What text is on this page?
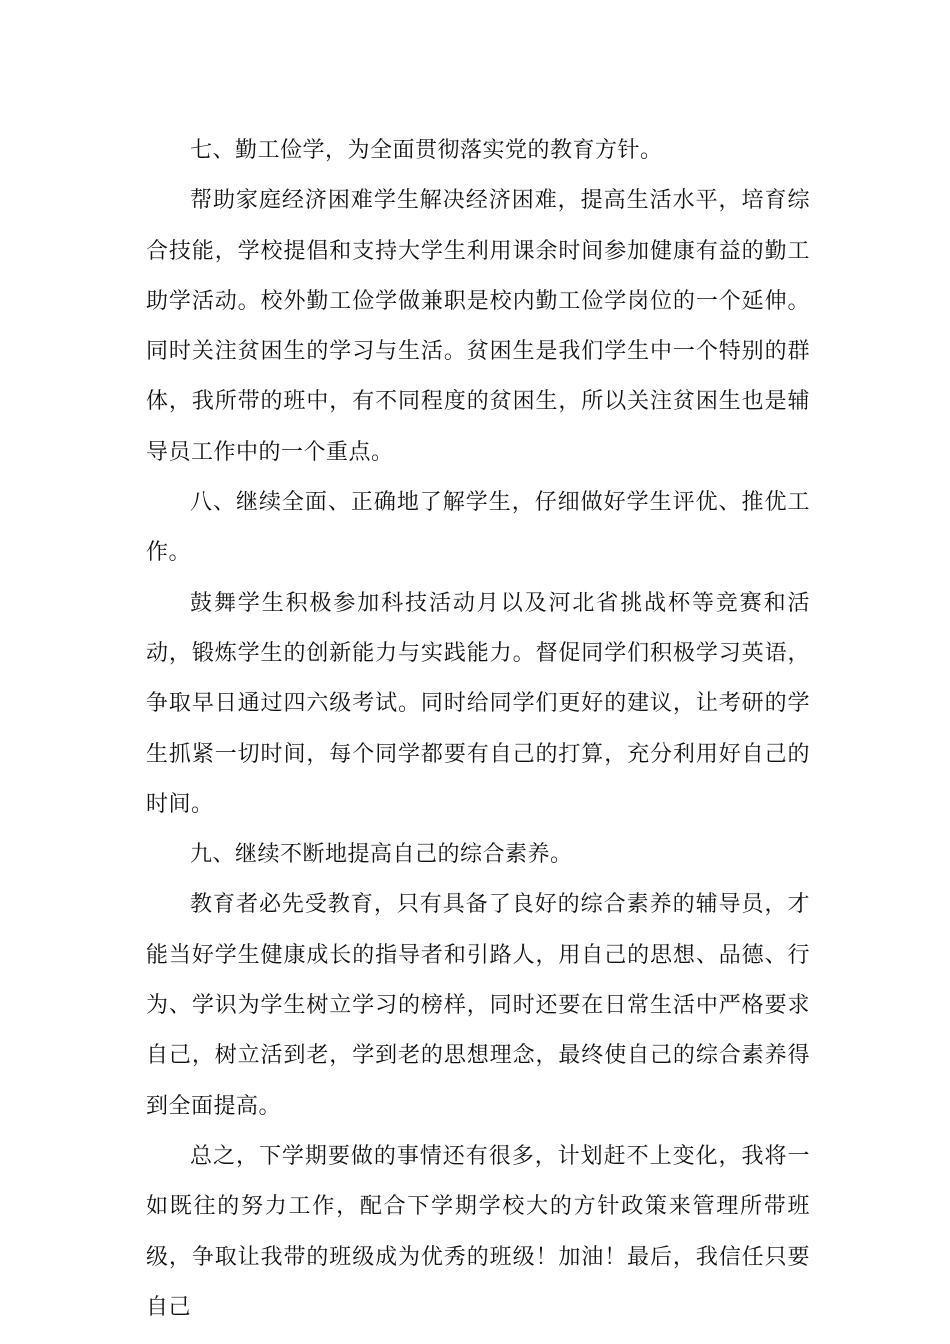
七、勤工俭学，为全面贯彻落实党的教育方针。

帮助家庭经济困难学生解决经济困难，提高生活水平，培育综合技能，学校提倡和支持大学生利用课余时间参加健康有益的勤工助学活动。校外勤工俭学做兼职是校内勤工俭学岗位的一个延伸。同时关注贫困生的学习与生活。贫困生是我们学生中一个特别的群体，我所带的班中，有不同程度的贫困生，所以关注贫困生也是辅导员工作中的一个重点。

八、继续全面、正确地了解学生，仔细做好学生评优、推优工作。

鼓舞学生积极参加科技活动月以及河北省挑战杯等竞赛和活动，锻炼学生的创新能力与实践能力。督促同学们积极学习英语，争取早日通过四六级考试。同时给同学们更好的建议，让考研的学生抓紧一切时间，每个同学都要有自己的打算，充分利用好自己的时间。

九、继续不断地提高自己的综合素养。

教育者必先受教育，只有具备了良好的综合素养的辅导员，才能当好学生健康成长的指导者和引路人，用自己的思想、品德、行为、学识为学生树立学习的榜样，同时还要在日常生活中严格要求自己，树立活到老，学到老的思想理念，最终使自己的综合素养得到全面提高。

总之，下学期要做的事情还有很多，计划赶不上变化，我将一如既往的努力工作，配合下学期学校大的方针政策来管理所带班级，争取让我带的班级成为优秀的班级！加油！最后，我信任只要自己
